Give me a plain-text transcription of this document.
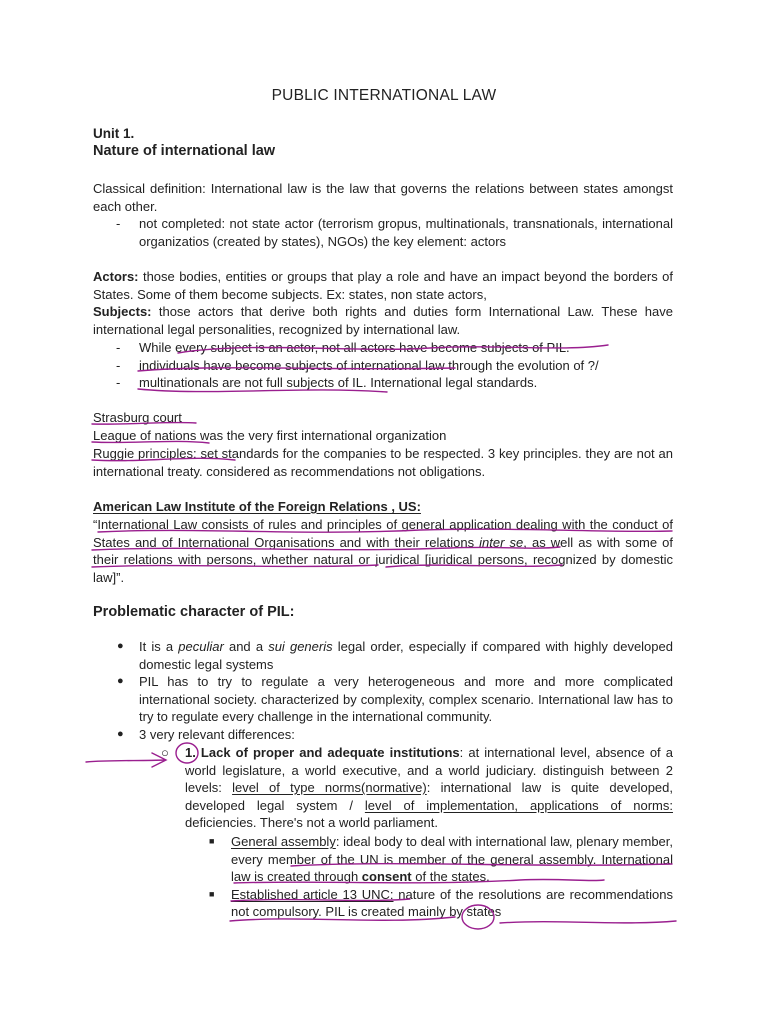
PUBLIC INTERNATIONAL LAW
Unit 1.
Nature of international law
Classical definition: International law is the law that governs the relations between states amongst each other.
- not completed: not state actor (terrorism gropus, multinationals, transnationals, international organizatios (created by states), NGOs) the key element: actors
Actors: those bodies, entities or groups that play a role and have an impact beyond the borders of States. Some of them become subjects. Ex: states, non state actors,
Subjects: those actors that derive both rights and duties form International Law. These have international legal personalities, recognized by international law.
- While every subject is an actor, not all actors have become subjects of PIL.
- individuals have become subjects of international law through the evolution of ?/
- multinationals are not full subjects of IL. International legal standards.
Strasburg court
League of nations was the very first international organization
Ruggie principles: set standards for the companies to be respected. 3 key principles. they are not an international treaty. considered as recommendations not obligations.
American Law Institute of the Foreign Relations , US:
“International Law consists of rules and principles of general application dealing with the conduct of States and of International Organisations and with their relations inter se, as well as with some of their relations with persons, whether natural or juridical [juridical persons, recognized by domestic law]”.
Problematic character of PIL:
● It is a peculiar and a sui generis legal order, especially if compared with highly developed domestic legal systems
● PIL has to try to regulate a very heterogeneous and more and more complicated international society. characterized by complexity, complex scenario. International law has to try to regulate every challenge in the international community.
● 3 very relevant differences:
○ 1. Lack of proper and adequate institutions: at international level, absence of a world legislature, a world executive, and a world judiciary. distinguish between 2 levels: level of type norms(normative): international law is quite developed, developed legal system / level of implementation, applications of norms: deficiencies. There's not a world parliament.
■ General assembly: ideal body to deal with international law, plenary member, every member of the UN is member of the general assembly. International law is created through consent of the states.
■ Established article 13 UNC: nature of the resolutions are recommendations not compulsory. PIL is created mainly by states
